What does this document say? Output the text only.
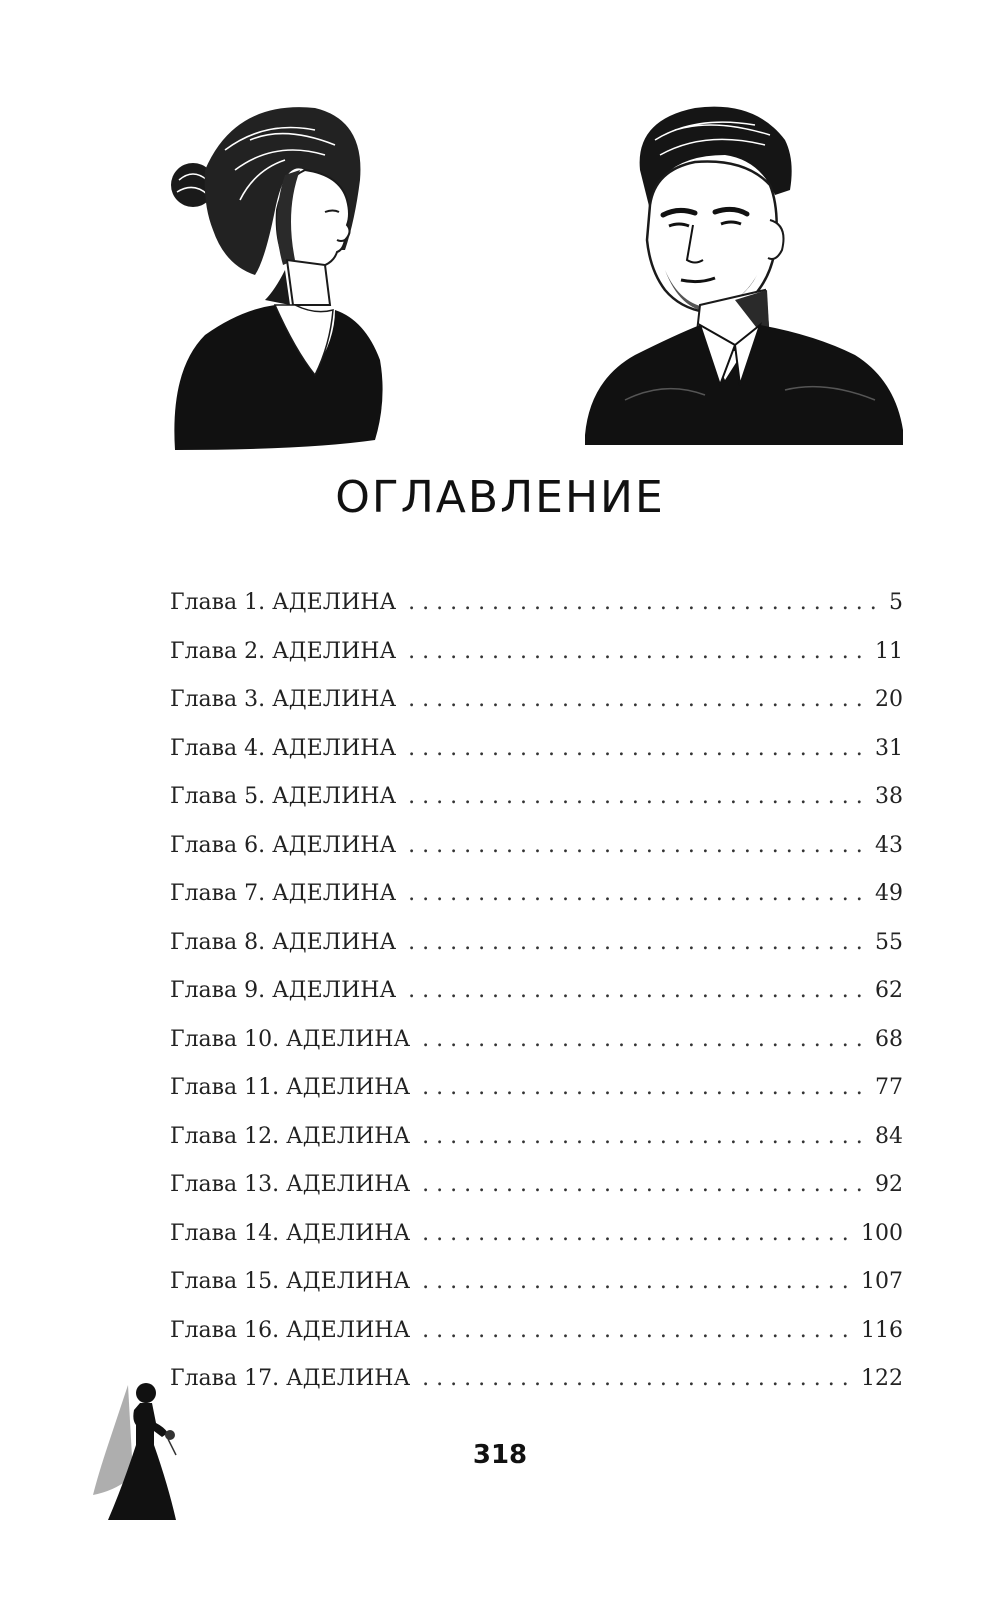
ОГЛАВЛЕНИЕ
Глава 1. АДЕЛИНА . . .	5
Глава 2. АДЕЛИНА . . .	11
Глава 3. АДЕЛИНА . . .	20
Глава 4. АДЕЛИНА . . .	31
Глава 5. АДЕЛИНА . . .	38
Глава 6. АДЕЛИНА . . .	43
Глава 7. АДЕЛИНА . . .	49
Глава 8. АДЕЛИНА . . .	55
Глава 9. АДЕЛИНА . . .	62
Глава 10. АДЕЛИНА . . .	68
Глава 11. АДЕЛИНА . . .	77
Глава 12. АДЕЛИНА . . .	84
Глава 13. АДЕЛИНА . . .	92
Глава 14. АДЕЛИНА . . .	100
Глава 15. АДЕЛИНА . . .	107
Глава 16. АДЕЛИНА . . .	116
Глава 17. АДЕЛИНА . . .	122
318
